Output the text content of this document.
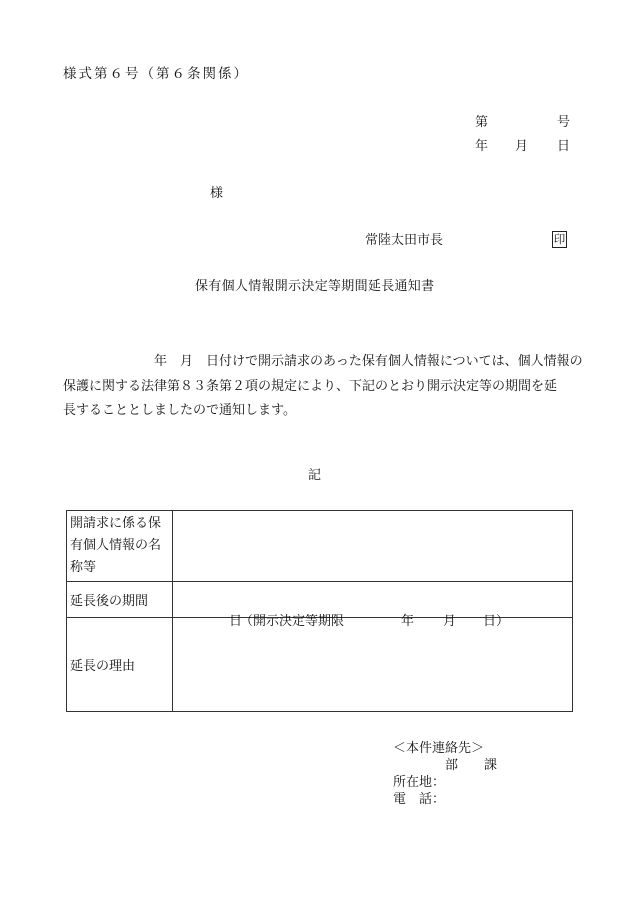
様式第６号（第６条関係）
第	号
年 月 日
様
常陸太田市長	印
保有個人情報開示決定等期間延長通知書
　　　　　　　年　月　日付けで開示請求のあった保有個人情報については、個人情報の
保護に関する法律第８３条第２項の規定により、下記のとおり開示決定等の期間を延
長することとしましたので通知します。
記
開請求に係る保
有個人情報の名
称等	

延長後の期間	日
（開示決定等期限 年 月 日）

延長の理由	
＜本件連絡先＞
　　　　部　　課
所在地：
電　話：
